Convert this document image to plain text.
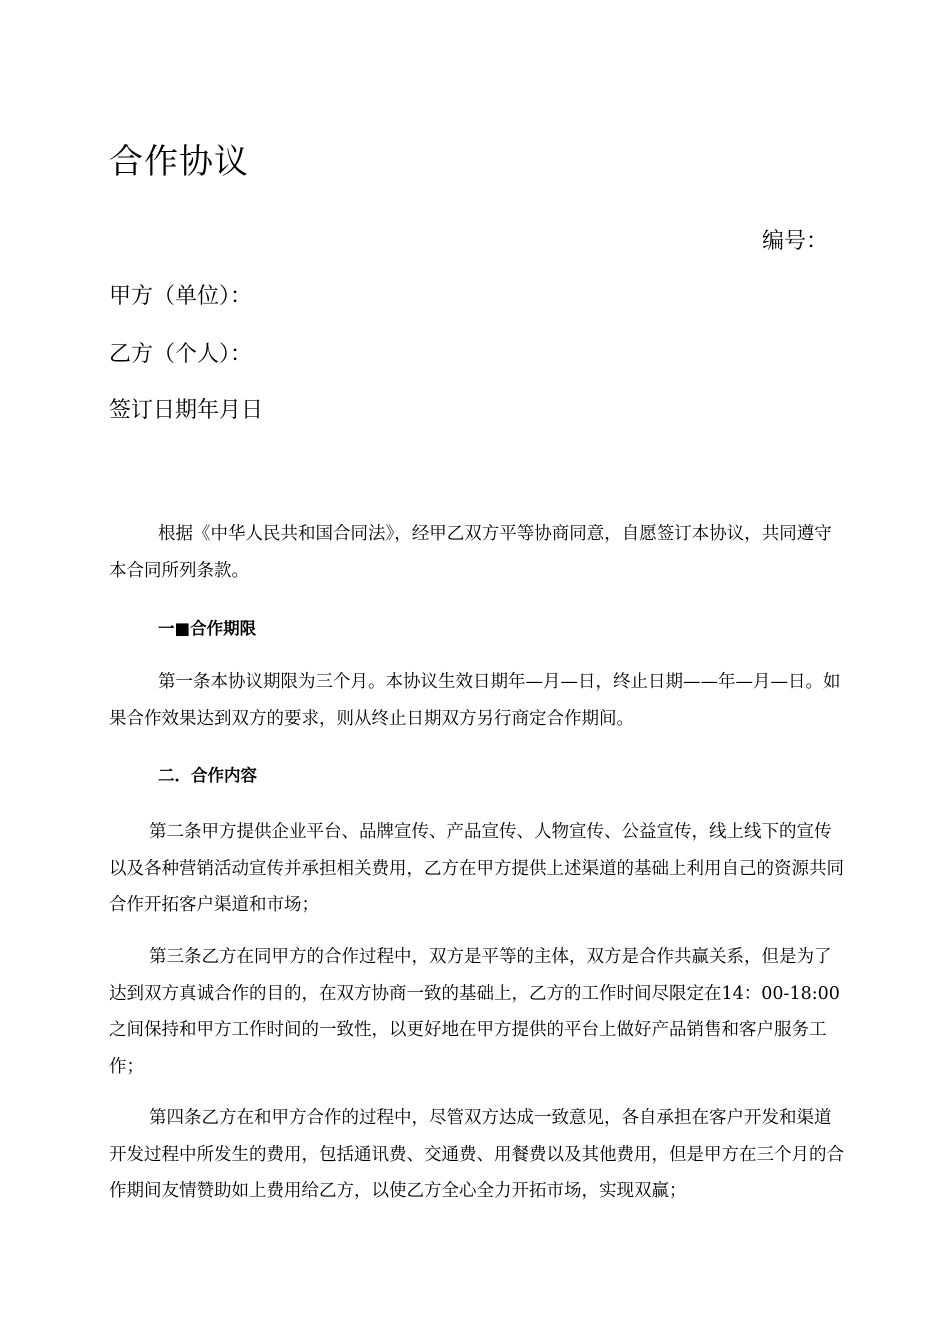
合作协议
编号：
甲方（单位）：
乙方（个人）：
签订日期年月日

根据《中华人民共和国合同法》，经甲乙双方平等协商同意，自愿签订本协议，共同遵守本合同所列条款。

一■合作期限

第一条本协议期限为三个月。本协议生效日期年—月—日，终止日期——年—月—日。如果合作效果达到双方的要求，则从终止日期双方另行商定合作期间。

二．合作内容

第二条甲方提供企业平台、品牌宣传、产品宣传、人物宣传、公益宣传，线上线下的宣传以及各种营销活动宣传并承担相关费用，乙方在甲方提供上述渠道的基础上利用自己的资源共同合作开拓客户渠道和市场；

第三条乙方在同甲方的合作过程中，双方是平等的主体，双方是合作共赢关系，但是为了达到双方真诚合作的目的，在双方协商一致的基础上，乙方的工作时间尽限定在14：00-18:00之间保持和甲方工作时间的一致性，以更好地在甲方提供的平台上做好产品销售和客户服务工作；

第四条乙方在和甲方合作的过程中，尽管双方达成一致意见，各自承担在客户开发和渠道开发过程中所发生的费用，包括通讯费、交通费、用餐费以及其他费用，但是甲方在三个月的合作期间友情赞助如上费用给乙方，以使乙方全心全力开拓市场，实现双赢；
